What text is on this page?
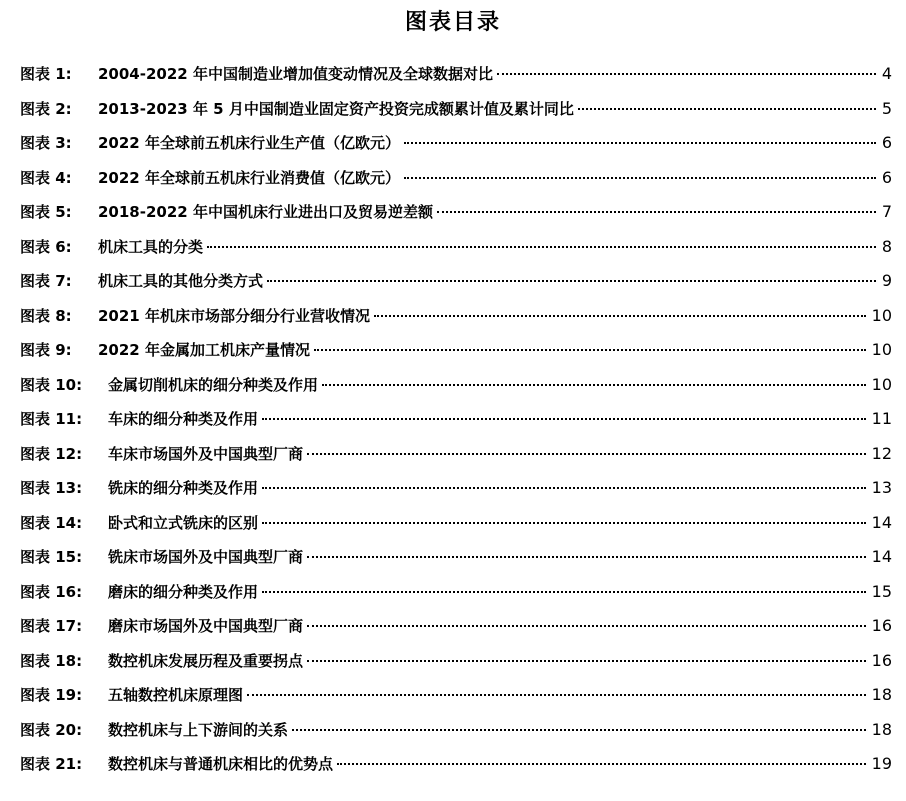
图表目录
图表 1:	2004-2022 年中国制造业增加值变动情况及全球数据对比	4
图表 2:	2013-2023 年 5 月中国制造业固定资产投资完成额累计值及累计同比	5
图表 3:	2022 年全球前五机床行业生产值（亿欧元）	6
图表 4:	2022 年全球前五机床行业消费值（亿欧元）	6
图表 5:	2018-2022 年中国机床行业进出口及贸易逆差额	7
图表 6:	机床工具的分类	8
图表 7:	机床工具的其他分类方式	9
图表 8:	2021 年机床市场部分细分行业营收情况	10
图表 9:	2022 年金属加工机床产量情况	10
图表 10:	金属切削机床的细分种类及作用	10
图表 11:	车床的细分种类及作用	11
图表 12:	车床市场国外及中国典型厂商	12
图表 13:	铣床的细分种类及作用	13
图表 14:	卧式和立式铣床的区别	14
图表 15:	铣床市场国外及中国典型厂商	14
图表 16:	磨床的细分种类及作用	15
图表 17:	磨床市场国外及中国典型厂商	16
图表 18:	数控机床发展历程及重要拐点	16
图表 19:	五轴数控机床原理图	18
图表 20:	数控机床与上下游间的关系	18
图表 21:	数控机床与普通机床相比的优势点	19
